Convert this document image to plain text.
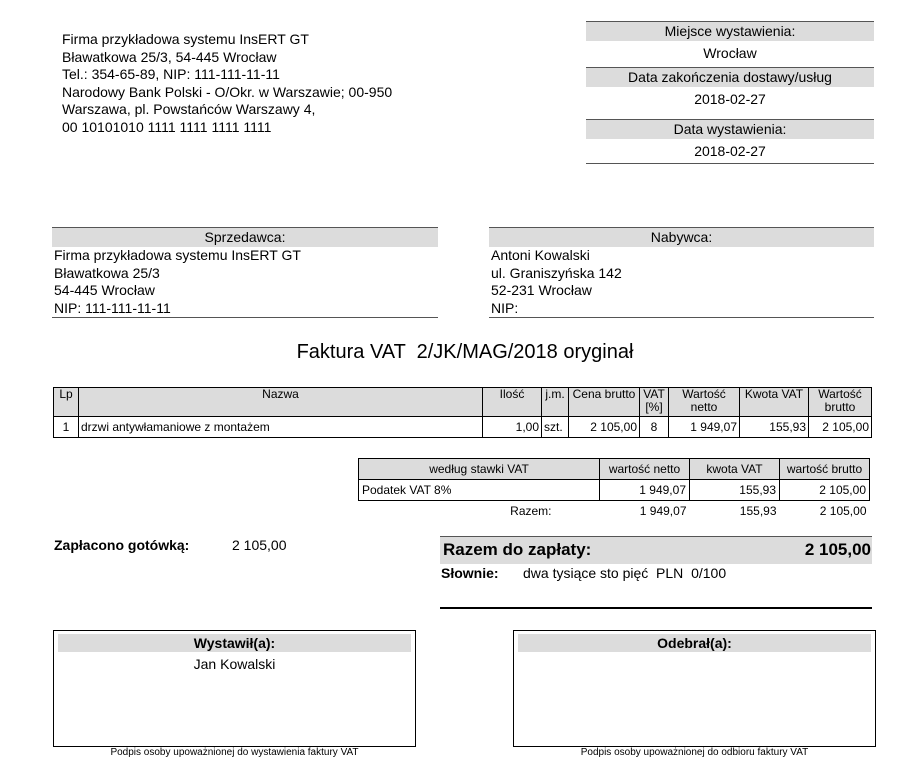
Firma przykładowa systemu InsERT GT
Bławatkowa 25/3, 54-445 Wrocław
Tel.: 354-65-89, NIP: 111-111-11-11
Narodowy Bank Polski - O/Okr. w Warszawie; 00-950
Warszawa, pl. Powstańców Warszawy 4,
00 10101010 1111 1111 1111 1111
Miejsce wystawienia:
Wrocław
Data zakończenia dostawy/usług
2018-02-27
Data wystawienia:
2018-02-27
Sprzedawca:
Firma przykładowa systemu InsERT GT
Bławatkowa 25/3
54-445 Wrocław
NIP: 111-111-11-11
Nabywca:
Antoni Kowalski
ul. Graniszyńska 142
52-231 Wrocław
NIP:
Faktura VAT  2/JK/MAG/2018 oryginał
Lp	Nazwa	Ilość	j.m.	Cena brutto	VAT [%]	Wartość netto	Kwota VAT	Wartość brutto
1	drzwi antywłamaniowe z montażem	1,00	szt.	2 105,00	8	1 949,07	155,93	2 105,00
według stawki VAT	wartość netto	kwota VAT	wartość brutto
Podatek VAT 8%	1 949,07	155,93	2 105,00
Razem:	1 949,07	155,93	2 105,00
Zapłacono gotówką:	2 105,00	Razem do zapłaty:	2 105,00
Słownie: dwa tysiące sto pięć  PLN  0/100
Wystawił(a):
Jan Kowalski
Podpis osoby upoważnionej do wystawienia faktury VAT
Odebrał(a):
Podpis osoby upoważnionej do odbioru faktury VAT
